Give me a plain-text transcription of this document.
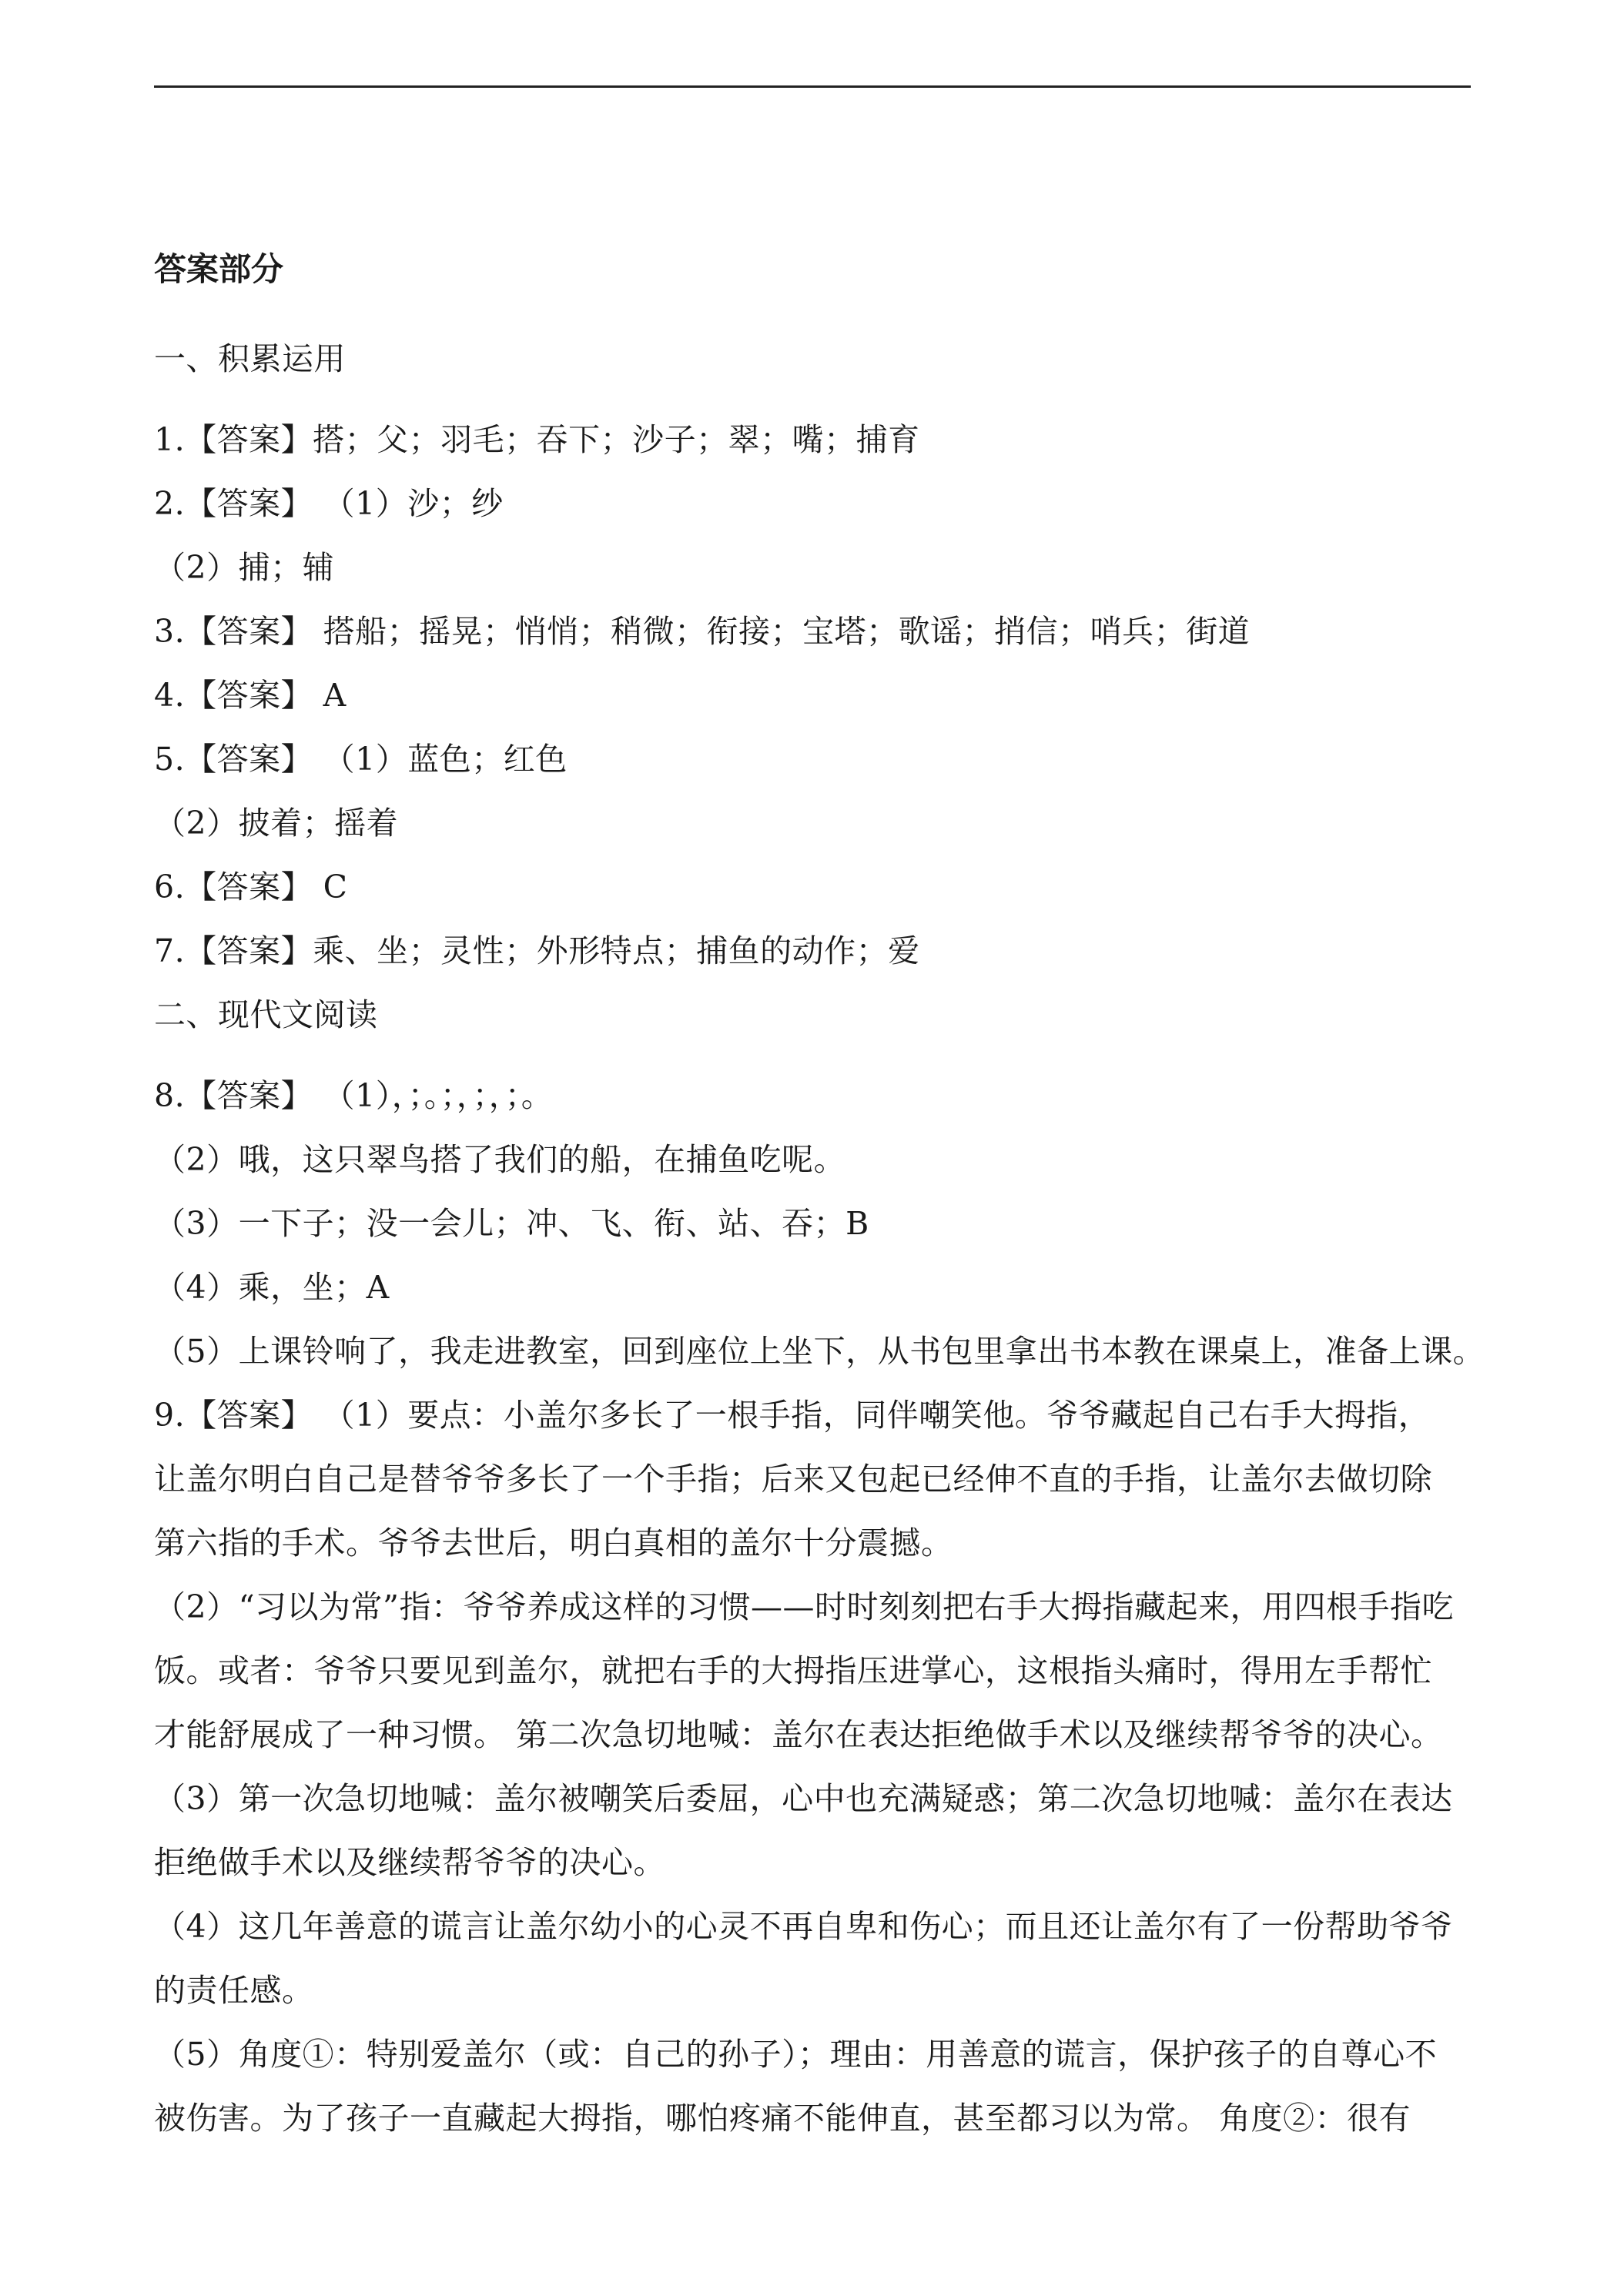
答案部分
一、积累运用
1.【答案】搭；父；羽毛；吞下；沙子；翠；嘴；捕育
2.【答案】 （1）沙；纱
（2）捕；辅
3.【答案】 搭船；摇晃；悄悄；稍微；衔接；宝塔；歌谣；捎信；哨兵；街道
4.【答案】 A
5.【答案】 （1）蓝色；红色
（2）披着；摇着
6.【答案】 C
7.【答案】乘、坐；灵性；外形特点；捕鱼的动作；爱
二、现代文阅读
8.【答案】 （1），；。；，；，；。
（2）哦，这只翠鸟搭了我们的船，在捕鱼吃呢。
（3）一下子；没一会儿；冲、飞、衔、站、吞；B
（4）乘，坐；A
（5）上课铃响了，我走进教室，回到座位上坐下，从书包里拿出书本教在课桌上，准备上课。
9.【答案】 （1）要点：小盖尔多长了一根手指，同伴嘲笑他。爷爷藏起自己右手大拇指，
让盖尔明白自己是替爷爷多长了一个手指；后来又包起已经伸不直的手指，让盖尔去做切除
第六指的手术。爷爷去世后，明白真相的盖尔十分震撼。
（2）“习以为常”指：爷爷养成这样的习惯——时时刻刻把右手大拇指藏起来，用四根手指吃
饭。或者：爷爷只要见到盖尔，就把右手的大拇指压进掌心，这根指头痛时，得用左手帮忙
才能舒展成了一种习惯。 第二次急切地喊：盖尔在表达拒绝做手术以及继续帮爷爷的决心。
（3）第一次急切地喊：盖尔被嘲笑后委屈，心中也充满疑惑；第二次急切地喊：盖尔在表达
拒绝做手术以及继续帮爷爷的决心。
（4）这几年善意的谎言让盖尔幼小的心灵不再自卑和伤心；而且还让盖尔有了一份帮助爷爷
的责任感。
（5）角度①：特别爱盖尔（或：自己的孙子）；理由：用善意的谎言，保护孩子的自尊心不
被伤害。为了孩子一直藏起大拇指，哪怕疼痛不能伸直，甚至都习以为常。 角度②：很有
